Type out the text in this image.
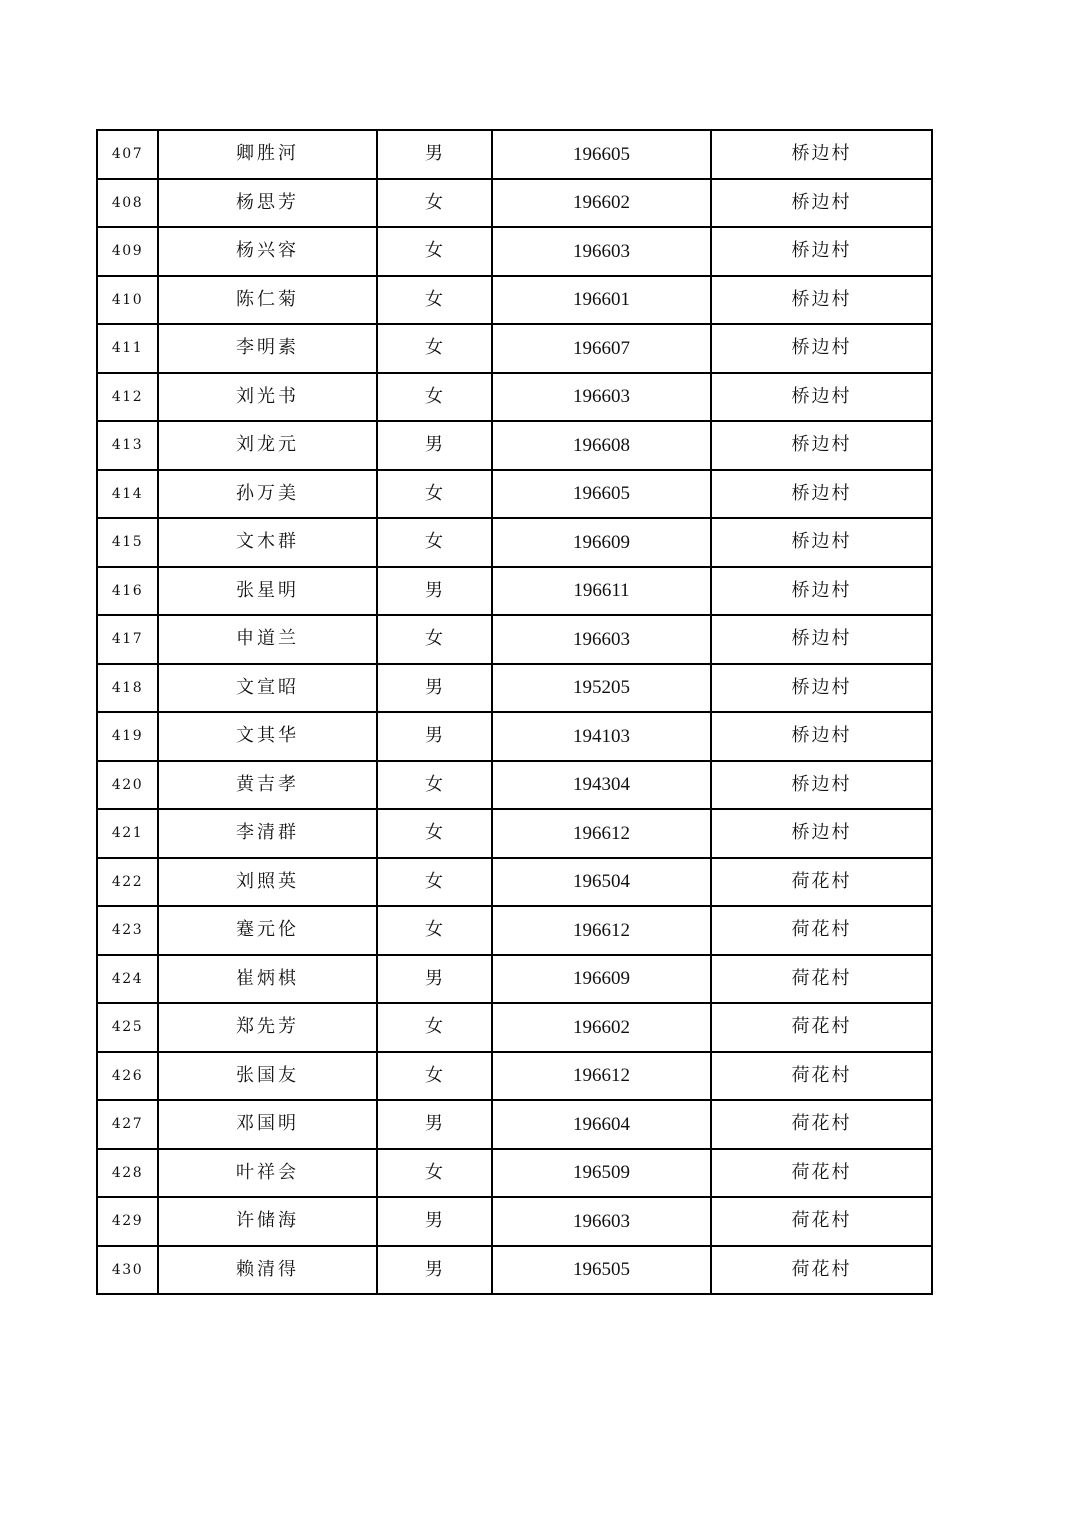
407	卿胜河	男	196605	桥边村
408	杨思芳	女	196602	桥边村
409	杨兴容	女	196603	桥边村
410	陈仁菊	女	196601	桥边村
411	李明素	女	196607	桥边村
412	刘光书	女	196603	桥边村
413	刘龙元	男	196608	桥边村
414	孙万美	女	196605	桥边村
415	文木群	女	196609	桥边村
416	张星明	男	196611	桥边村
417	申道兰	女	196603	桥边村
418	文宣昭	男	195205	桥边村
419	文其华	男	194103	桥边村
420	黄吉孝	女	194304	桥边村
421	李清群	女	196612	桥边村
422	刘照英	女	196504	荷花村
423	蹇元伦	女	196612	荷花村
424	崔炳棋	男	196609	荷花村
425	郑先芳	女	196602	荷花村
426	张国友	女	196612	荷花村
427	邓国明	男	196604	荷花村
428	叶祥会	女	196509	荷花村
429	许储海	男	196603	荷花村
430	赖清得	男	196505	荷花村
